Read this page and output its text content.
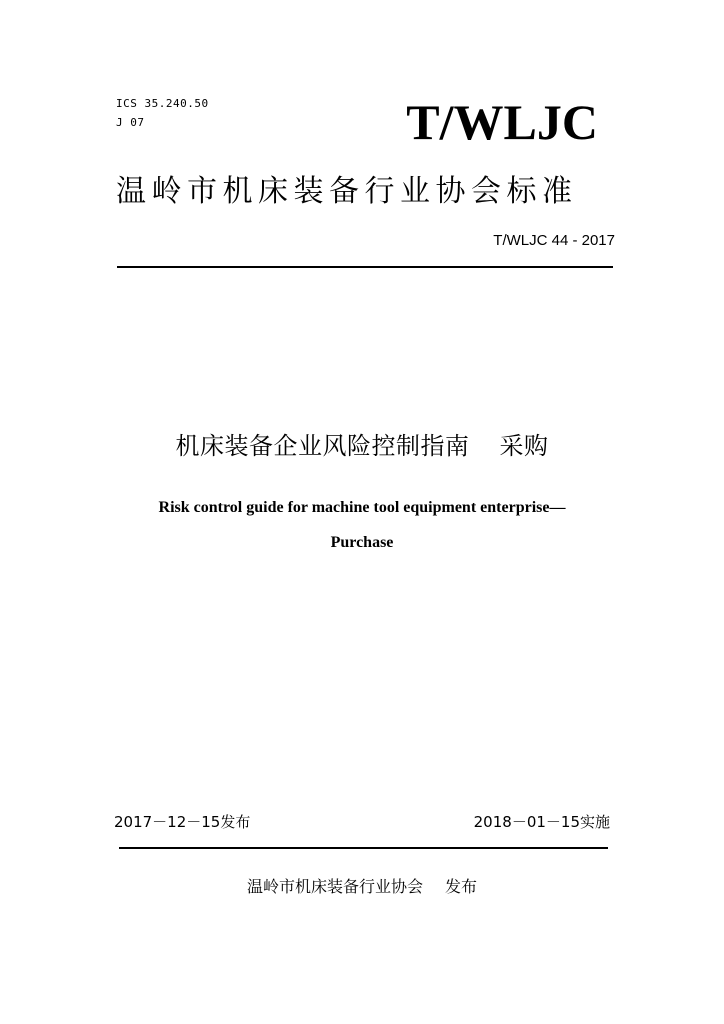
ICS 35.240.50

J 07	T/WLJC

温岭市机床装备行业协会标准

T/WLJC 44 - 2017

机床装备企业风险控制指南 采购

Risk control guide for machine tool equipment enterprise—

Purchase

2017－12－15发布	2018－01－15实施

温岭市机床装备行业协会 发布
